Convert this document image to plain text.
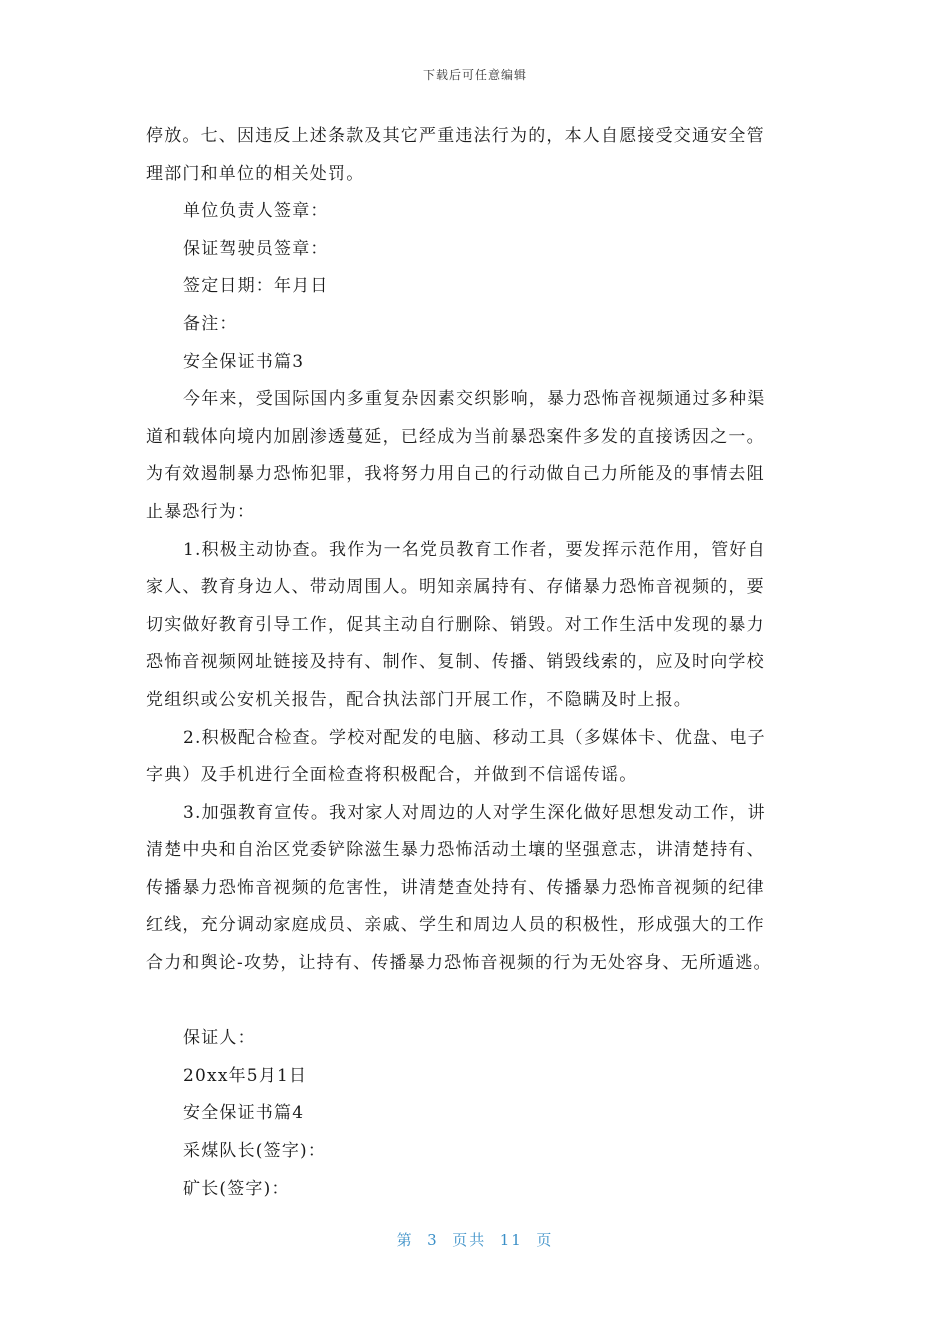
下载后可任意编辑
停放。七、因违反上述条款及其它严重违法行为的，本人自愿接受交通安全管
理部门和单位的相关处罚。
单位负责人签章：
保证驾驶员签章：
签定日期：年月日
备注：
安全保证书篇3
今年来，受国际国内多重复杂因素交织影响，暴力恐怖音视频通过多种渠
道和载体向境内加剧渗透蔓延，已经成为当前暴恐案件多发的直接诱因之一。
为有效遏制暴力恐怖犯罪，我将努力用自己的行动做自己力所能及的事情去阻
止暴恐行为：
1.积极主动协查。我作为一名党员教育工作者，要发挥示范作用，管好自
家人、教育身边人、带动周围人。明知亲属持有、存储暴力恐怖音视频的，要
切实做好教育引导工作，促其主动自行删除、销毁。对工作生活中发现的暴力
恐怖音视频网址链接及持有、制作、复制、传播、销毁线索的，应及时向学校
党组织或公安机关报告，配合执法部门开展工作，不隐瞒及时上报。
2.积极配合检查。学校对配发的电脑、移动工具（多媒体卡、优盘、电子
字典）及手机进行全面检查将积极配合，并做到不信谣传谣。
3.加强教育宣传。我对家人对周边的人对学生深化做好思想发动工作，讲
清楚中央和自治区党委铲除滋生暴力恐怖活动土壤的坚强意志，讲清楚持有、
传播暴力恐怖音视频的危害性，讲清楚查处持有、传播暴力恐怖音视频的纪律
红线，充分调动家庭成员、亲戚、学生和周边人员的积极性，形成强大的工作
合力和舆论-攻势，让持有、传播暴力恐怖音视频的行为无处容身、无所遁逃。
保证人：
20xx年5月1日
安全保证书篇4
采煤队长(签字)：
矿长(签字)：
第  3  页共  11  页
